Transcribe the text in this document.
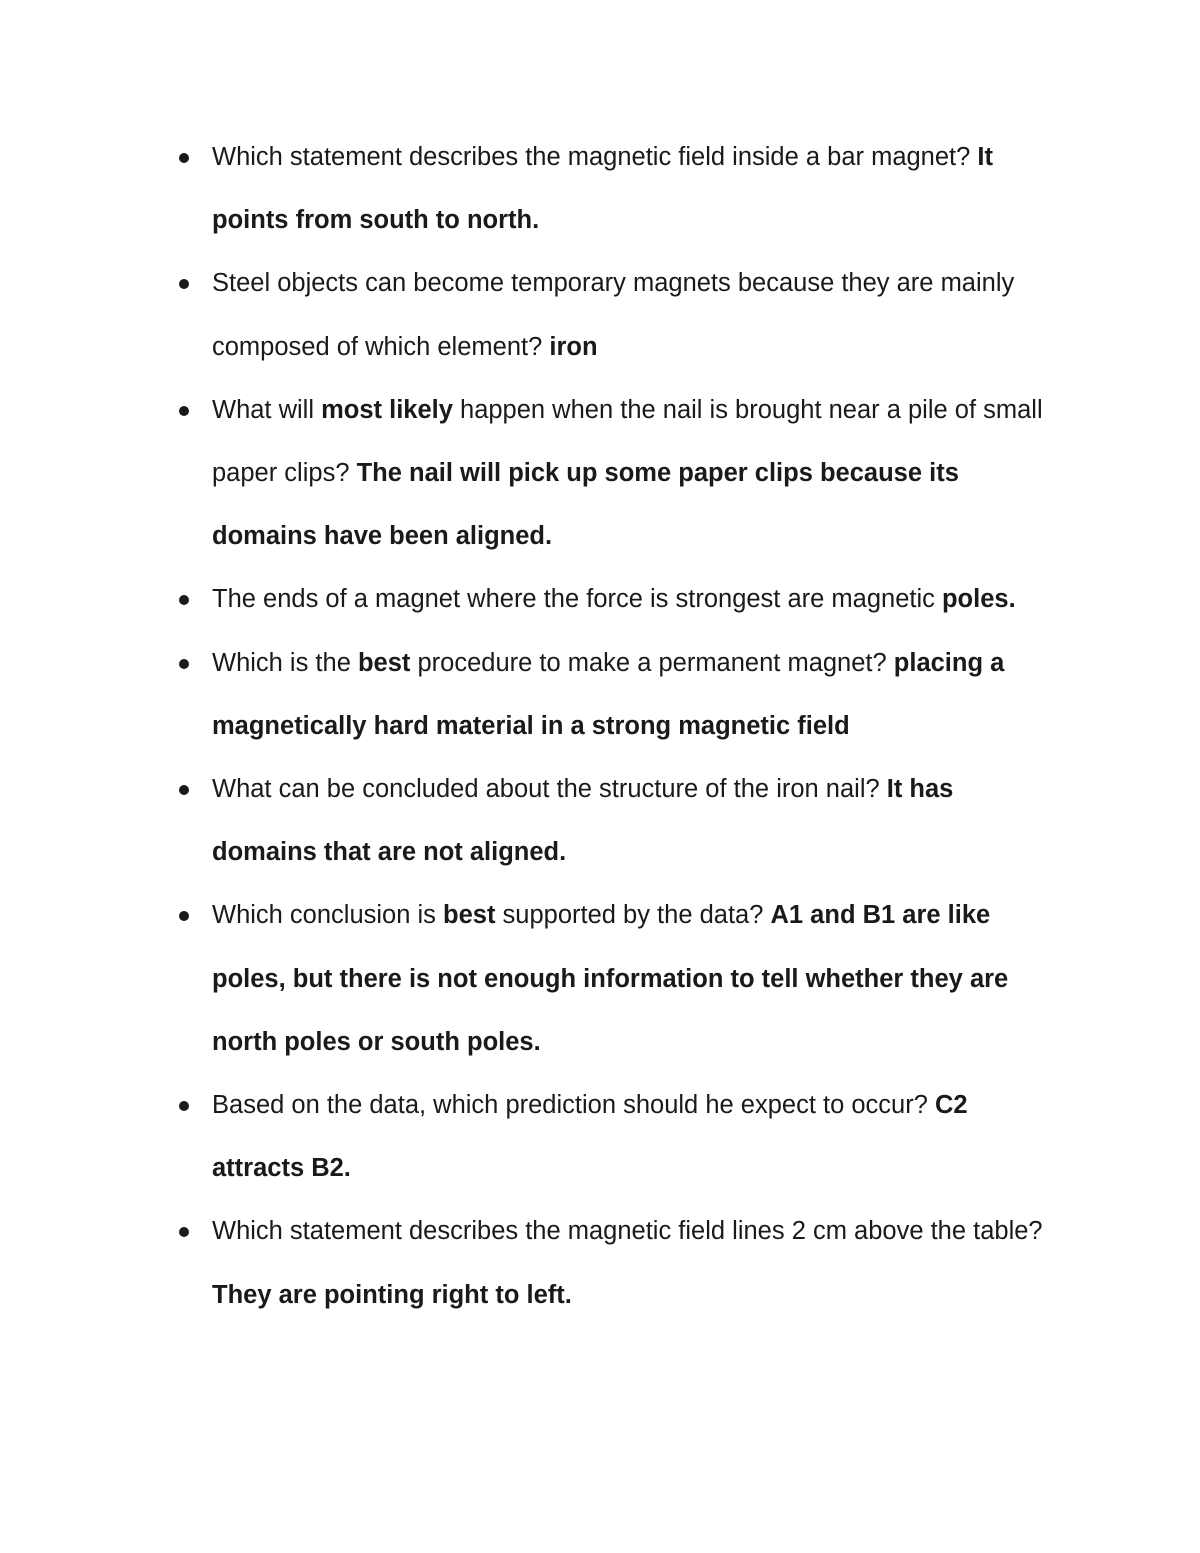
Which statement describes the magnetic field inside a bar magnet? It points from south to north.
Steel objects can become temporary magnets because they are mainly composed of which element? iron
What will most likely happen when the nail is brought near a pile of small paper clips? The nail will pick up some paper clips because its domains have been aligned.
The ends of a magnet where the force is strongest are magnetic poles.
Which is the best procedure to make a permanent magnet? placing a magnetically hard material in a strong magnetic field
What can be concluded about the structure of the iron nail? It has domains that are not aligned.
Which conclusion is best supported by the data? A1 and B1 are like poles, but there is not enough information to tell whether they are north poles or south poles.
Based on the data, which prediction should he expect to occur? C2 attracts B2.
Which statement describes the magnetic field lines 2 cm above the table? They are pointing right to left.
